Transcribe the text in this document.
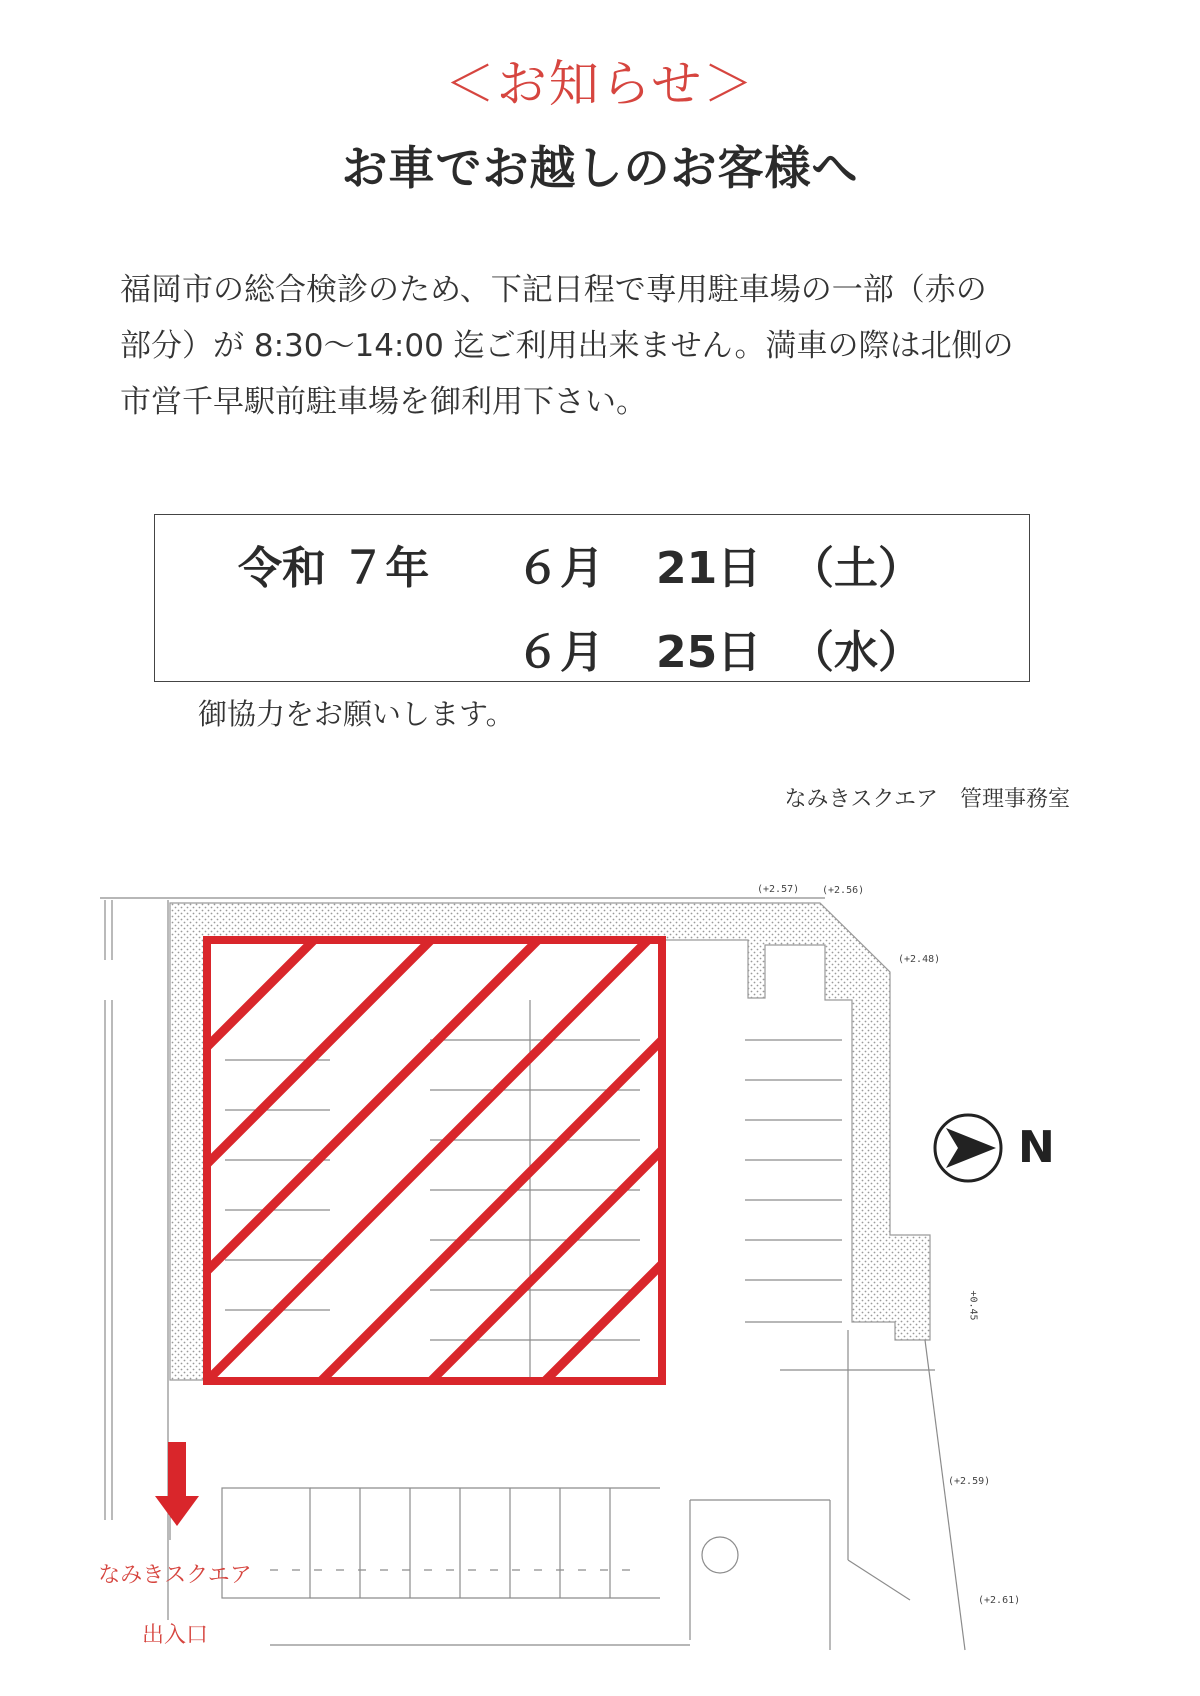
＜お知らせ＞
お車でお越しのお客様へ
福岡市の総合検診のため、下記日程で専用駐車場の一部（赤の
部分）が 8:30〜14:00 迄ご利用出来ません。満車の際は北側の
市営千早駅前駐車場を御利用下さい。
令和 ７年 ６月 21日 （土）
６月 25日 （水）
御協力をお願いします。
なみきスクエア　管理事務室
N
なみきスクエア
出入口
(+2.57) (+2.56)
(+2.48)
+0.45
(+2.59)
(+2.61)
